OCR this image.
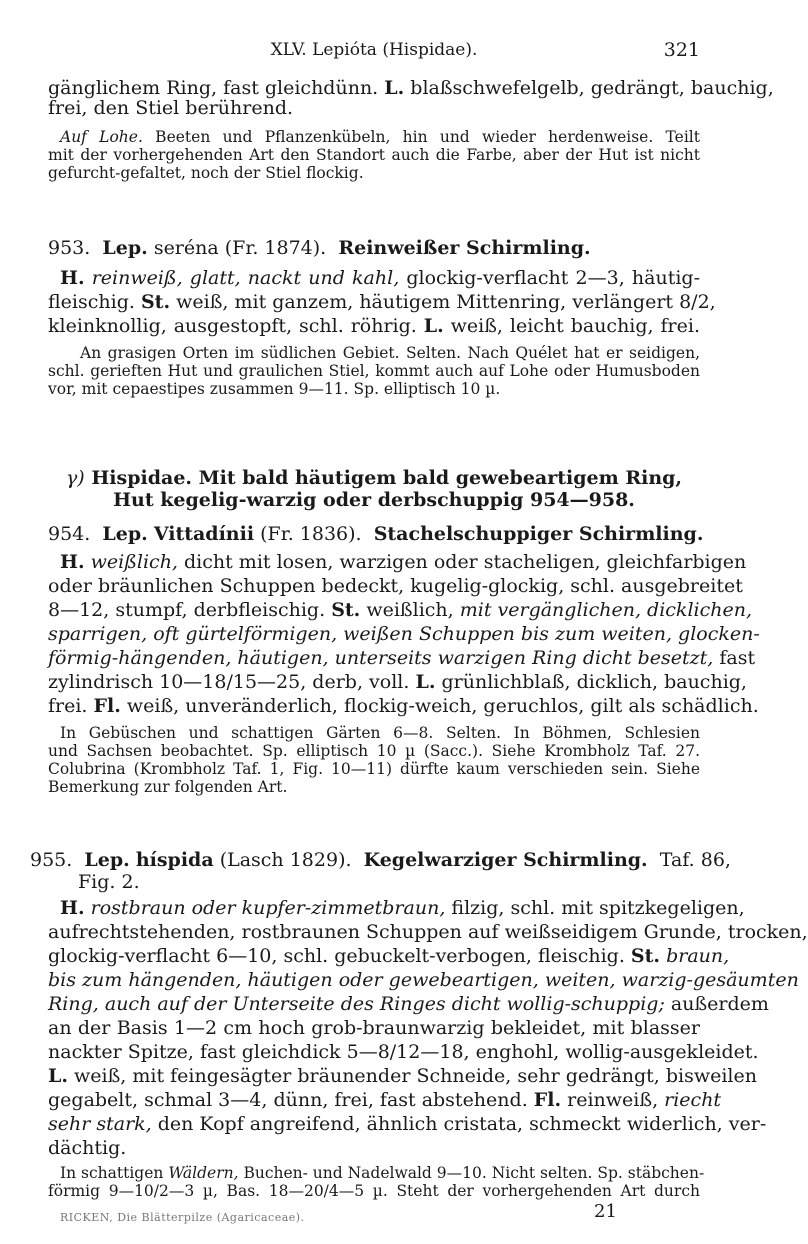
XLV. Lepióta (Hispidae).	321
gänglichem Ring, fast gleichdünn. L. blaßschwefelgelb, gedrängt, bauchig,
frei, den Stiel berührend.
Auf Lohe. Beeten und Pflanzenkübeln, hin und wieder herdenweise. Teilt
mit der vorhergehenden Art den Standort auch die Farbe, aber der Hut ist nicht
gefurcht-gefaltet, noch der Stiel flockig.
953. Lep. seréna (Fr. 1874). Reinweißer Schirmling.
H. reinweiß, glatt, nackt und kahl, glockig-verflacht 2—3, häutig-
fleischig. St. weiß, mit ganzem, häutigem Mittenring, verlängert 8/2,
kleinknollig, ausgestopft, schl. röhrig. L. weiß, leicht bauchig, frei.
An grasigen Orten im südlichen Gebiet. Selten. Nach Quélet hat er seidigen,
schl. gerieften Hut und graulichen Stiel, kommt auch auf Lohe oder Humusboden
vor, mit cepaestipes zusammen 9—11. Sp. elliptisch 10 µ.
γ) Hispidae. Mit bald häutigem bald gewebeartigem Ring,
Hut kegelig-warzig oder derbschuppig 954—958.
954. Lep. Vittadínii (Fr. 1836). Stachelschuppiger Schirmling.
H. weißlich, dicht mit losen, warzigen oder stacheligen, gleichfarbigen
oder bräunlichen Schuppen bedeckt, kugelig-glockig, schl. ausgebreitet
8—12, stumpf, derbfleischig. St. weißlich, mit vergänglichen, dicklichen,
sparrigen, oft gürtelförmigen, weißen Schuppen bis zum weiten, glocken-
förmig-hängenden, häutigen, unterseits warzigen Ring dicht besetzt, fast
zylindrisch 10—18/15—25, derb, voll. L. grünlichblaß, dicklich, bauchig,
frei. Fl. weiß, unveränderlich, flockig-weich, geruchlos, gilt als schädlich.
In Gebüschen und schattigen Gärten 6—8. Selten. In Böhmen, Schlesien
und Sachsen beobachtet. Sp. elliptisch 10 µ (Sacc.). Siehe Krombholz Taf. 27.
Colubrina (Krombholz Taf. 1, Fig. 10—11) dürfte kaum verschieden sein. Siehe
Bemerkung zur folgenden Art.
955. Lep. híspida (Lasch 1829). Kegelwarziger Schirmling. Taf. 86,
Fig. 2.
H. rostbraun oder kupfer-zimmetbraun, filzig, schl. mit spitzkegeligen,
aufrechtstehenden, rostbraunen Schuppen auf weißseidigem Grunde, trocken,
glockig-verflacht 6—10, schl. gebuckelt-verbogen, fleischig. St. braun,
bis zum hängenden, häutigen oder gewebeartigen, weiten, warzig-gesäumten
Ring, auch auf der Unterseite des Ringes dicht wollig-schuppig; außerdem
an der Basis 1—2 cm hoch grob-braunwarzig bekleidet, mit blasser
nackter Spitze, fast gleichdick 5—8/12—18, enghohl, wollig-ausgekleidet.
L. weiß, mit feingesägter bräunender Schneide, sehr gedrängt, bisweilen
gegabelt, schmal 3—4, dünn, frei, fast abstehend. Fl. reinweiß, riecht
sehr stark, den Kopf angreifend, ähnlich cristata, schmeckt widerlich, ver-
dächtig.
In schattigen Wäldern, Buchen- und Nadelwald 9—10. Nicht selten. Sp. stäbchen-
förmig 9—10/2—3 µ, Bas. 18—20/4—5 µ. Steht der vorhergehenden Art durch
RICKEN, Die Blätterpilze (Agaricaceae).	21
